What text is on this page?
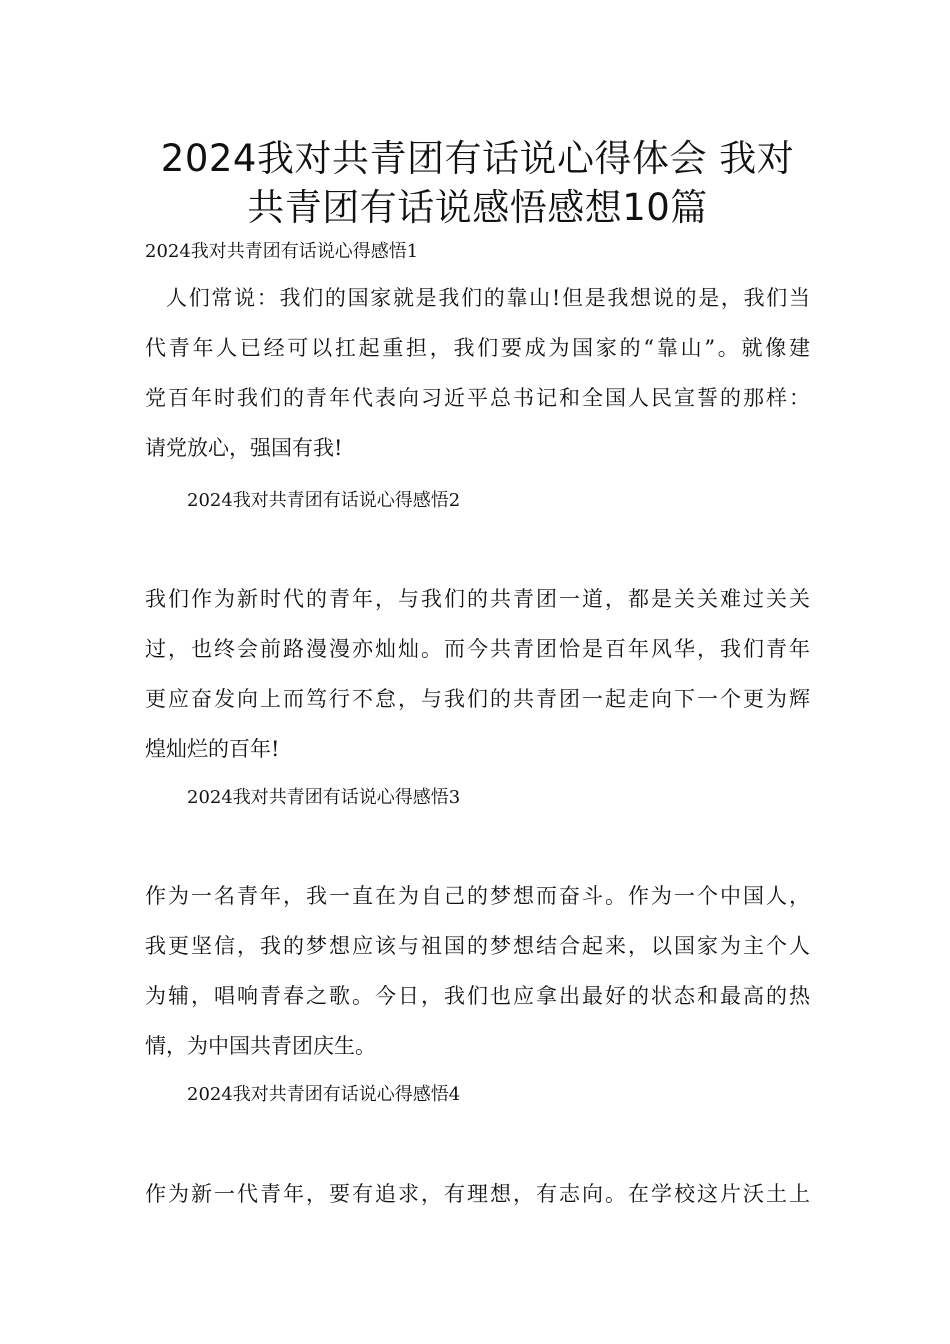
2024我对共青团有话说心得体会 我对
共青团有话说感悟感想10篇
2024我对共青团有话说心得感悟1
人们常说：我们的国家就是我们的靠山!但是我想说的是，我们当
代青年人已经可以扛起重担，我们要成为国家的“靠山”。就像建
党百年时我们的青年代表向习近平总书记和全国人民宣誓的那样：
请党放心，强国有我!
2024我对共青团有话说心得感悟2
我们作为新时代的青年，与我们的共青团一道，都是关关难过关关
过，也终会前路漫漫亦灿灿。而今共青团恰是百年风华，我们青年
更应奋发向上而笃行不怠，与我们的共青团一起走向下一个更为辉
煌灿烂的百年!
2024我对共青团有话说心得感悟3
作为一名青年，我一直在为自己的梦想而奋斗。作为一个中国人，
我更坚信，我的梦想应该与祖国的梦想结合起来，以国家为主个人
为辅，唱响青春之歌。今日，我们也应拿出最好的状态和最高的热
情，为中国共青团庆生。
2024我对共青团有话说心得感悟4
作为新一代青年，要有追求，有理想，有志向。在学校这片沃土上
